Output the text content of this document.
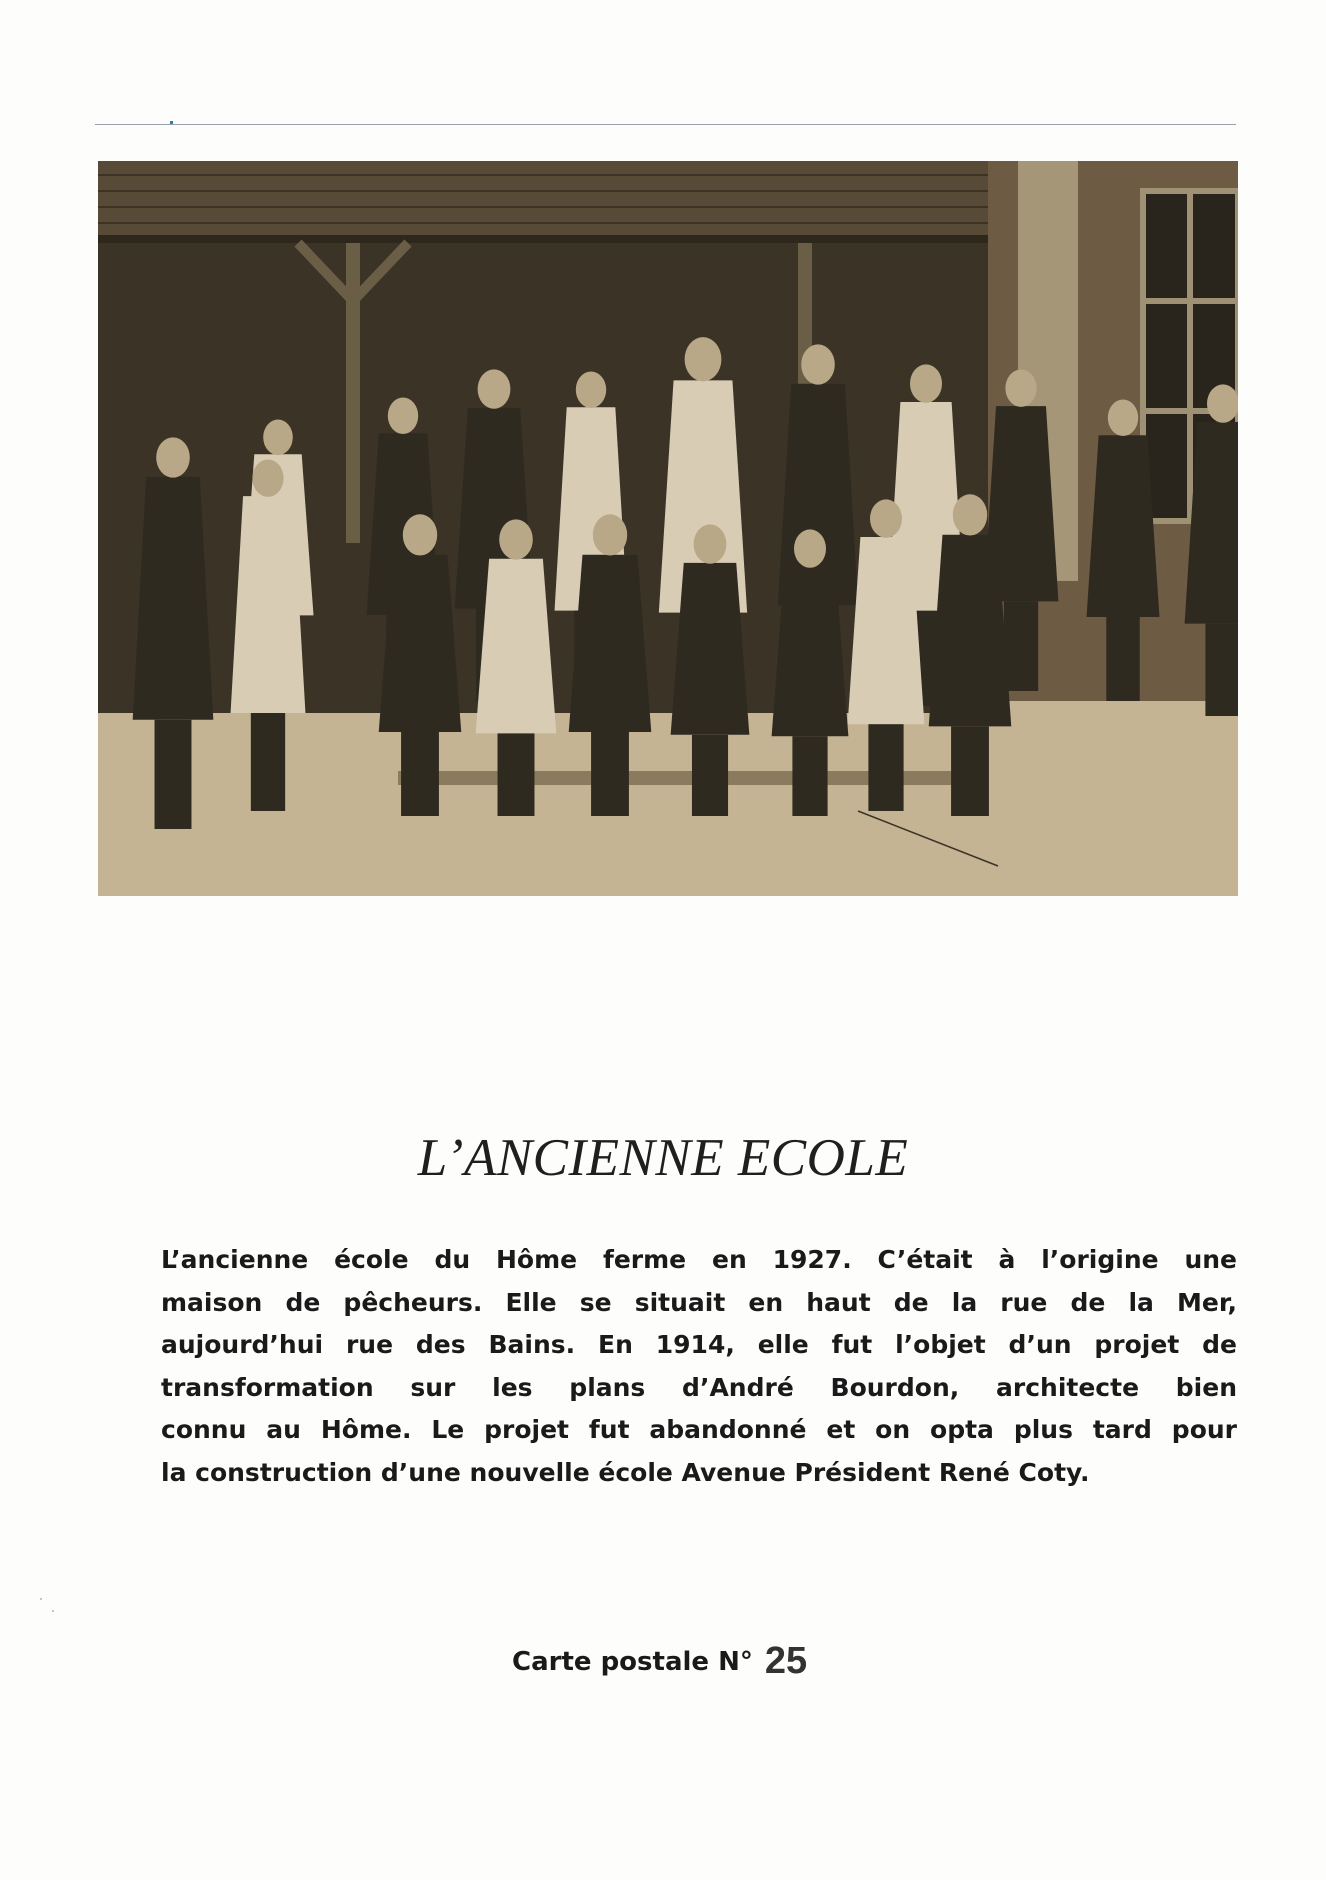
L’ANCIENNE ECOLE
L’ancienne école du Hôme ferme en 1927. C’était à l’origine une
maison de pêcheurs. Elle se situait en haut de la rue de la Mer,
aujourd’hui rue des Bains. En 1914, elle fut l’objet d’un projet de
transformation sur les plans d’André Bourdon, architecte bien
connu au Hôme. Le projet fut abandonné et on opta plus tard pour
la construction d’une nouvelle école Avenue Président René Coty.
Carte postale N° 25
